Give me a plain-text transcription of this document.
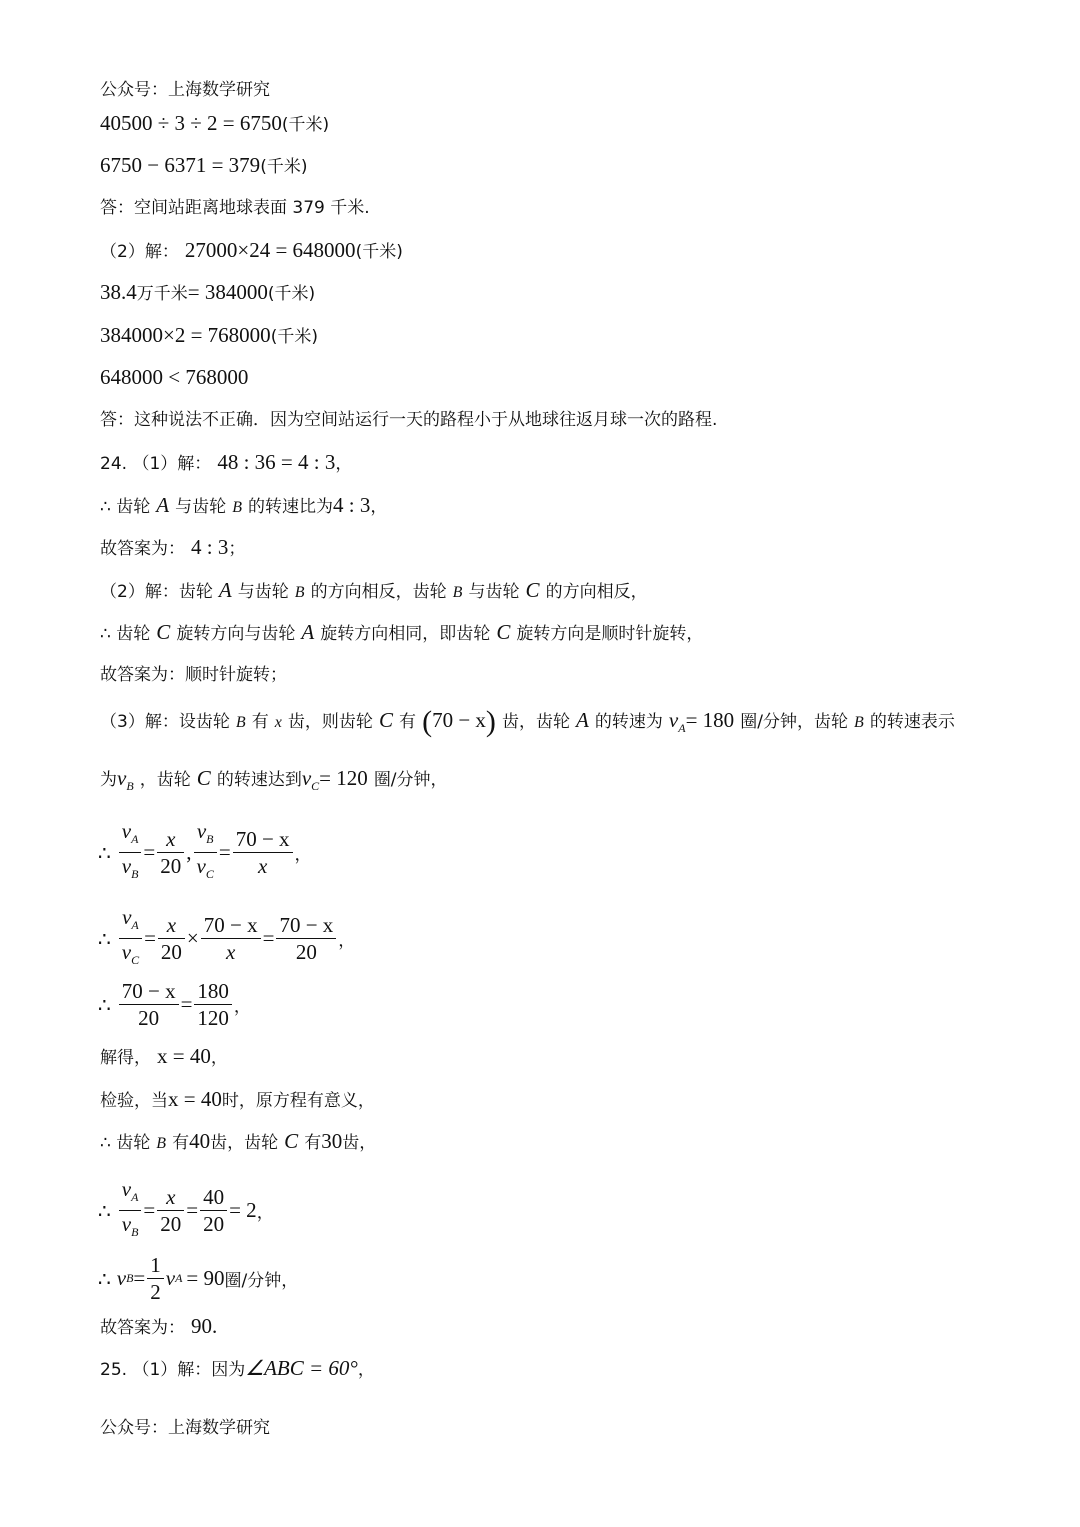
公众号：上海数学研究
40500 ÷ 3 ÷ 2 = 6750(千米)
6750 − 6371 = 379(千米)
答：空间站距离地球表面 379 千米.
（2）解： 27000×24 = 648000(千米)
38.4万千米= 384000(千米)
384000×2 = 768000(千米)
648000 < 768000
答：这种说法不正确．因为空间站运行一天的路程小于从地球往返月球一次的路程.
24. （1）解： 48 : 36 = 4 : 3，
∴ 齿轮 A 与齿轮 B 的转速比为4 : 3，
故答案为： 4 : 3；
（2）解：齿轮 A 与齿轮 B 的方向相反，齿轮 B 与齿轮 C 的方向相反，
∴ 齿轮 C 旋转方向与齿轮 A 旋转方向相同，即齿轮 C 旋转方向是顺时针旋转，
故答案为：顺时针旋转；
（3）解：设齿轮 B 有 x 齿，则齿轮 C 有 (70 − x) 齿，齿轮 A 的转速为 $v_A= 180$ 圈/分钟，齿轮 B 的转速表示
为$v_B$ ，齿轮 C 的转速达到$v_C= 120$ 圈/分钟，
∴ $\frac{v_A}{v_B} = \frac{x}{20}$ , $\frac{v_B}{v_C} = \frac{70 - x}{x}$ ，
∴ $\frac{v_A}{v_C} = \frac{x}{20} \times \frac{70 - x}{x} = \frac{70 - x}{20}$ ，
∴ $\frac{70 - x}{20} = \frac{180}{120}$ ，
解得， x = 40，
检验，当x = 40时，原方程有意义，
∴ 齿轮 B 有40齿，齿轮 C 有30齿，
∴ $\frac{v_A}{v_B} = \frac{x}{20} = \frac{40}{20} = 2$ ，
∴ v $B = \frac{1}{2}$ v A = 90 圈/分钟，
故答案为： 90.
25. （1）解：因为∠ABC = 60°，
公众号：上海数学研究
